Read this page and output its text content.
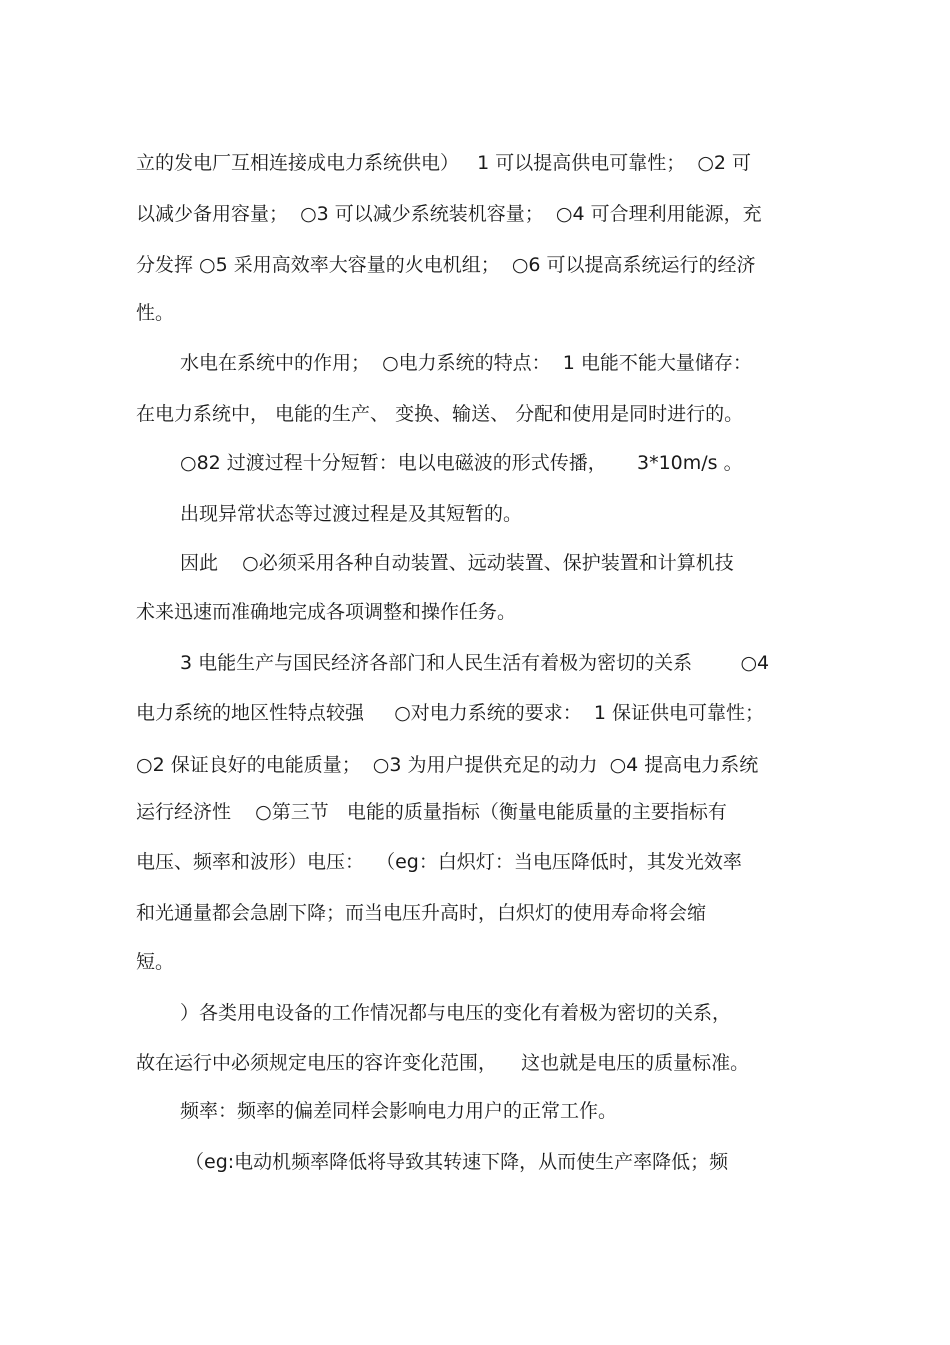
立的发电厂互相连接成电力系统供电）   1 可以提高供电可靠性；  ○2 可
以减少备用容量；  ○3 可以减少系统装机容量；  ○4 可合理利用能源，充
分发挥 ○5 采用高效率大容量的火电机组；  ○6 可以提高系统运行的经济
性。
水电在系统中的作用；  ○电力系统的特点：  1 电能不能大量储存：
在电力系统中， 电能的生产、 变换、输送、 分配和使用是同时进行的。
○82 过渡过程十分短暂：电以电磁波的形式传播，     3*10m/s 。
出现异常状态等过渡过程是及其短暂的。
因此    ○必须采用各种自动装置、远动装置、保护装置和计算机技
术来迅速而准确地完成各项调整和操作任务。
3 电能生产与国民经济各部门和人民生活有着极为密切的关系        ○4
电力系统的地区性特点较强     ○对电力系统的要求：  1 保证供电可靠性；
○2 保证良好的电能质量；  ○3 为用户提供充足的动力  ○4 提高电力系统
运行经济性    ○第三节   电能的质量指标（衡量电能质量的主要指标有
电压、频率和波形）电压：  （eg：白炽灯：当电压降低时，其发光效率
和光通量都会急剧下降；而当电压升高时，白炽灯的使用寿命将会缩
短。
）各类用电设备的工作情况都与电压的变化有着极为密切的关系，
故在运行中必须规定电压的容许变化范围，    这也就是电压的质量标准。
频率：频率的偏差同样会影响电力用户的正常工作。
（eg:电动机频率降低将导致其转速下降，从而使生产率降低；频
